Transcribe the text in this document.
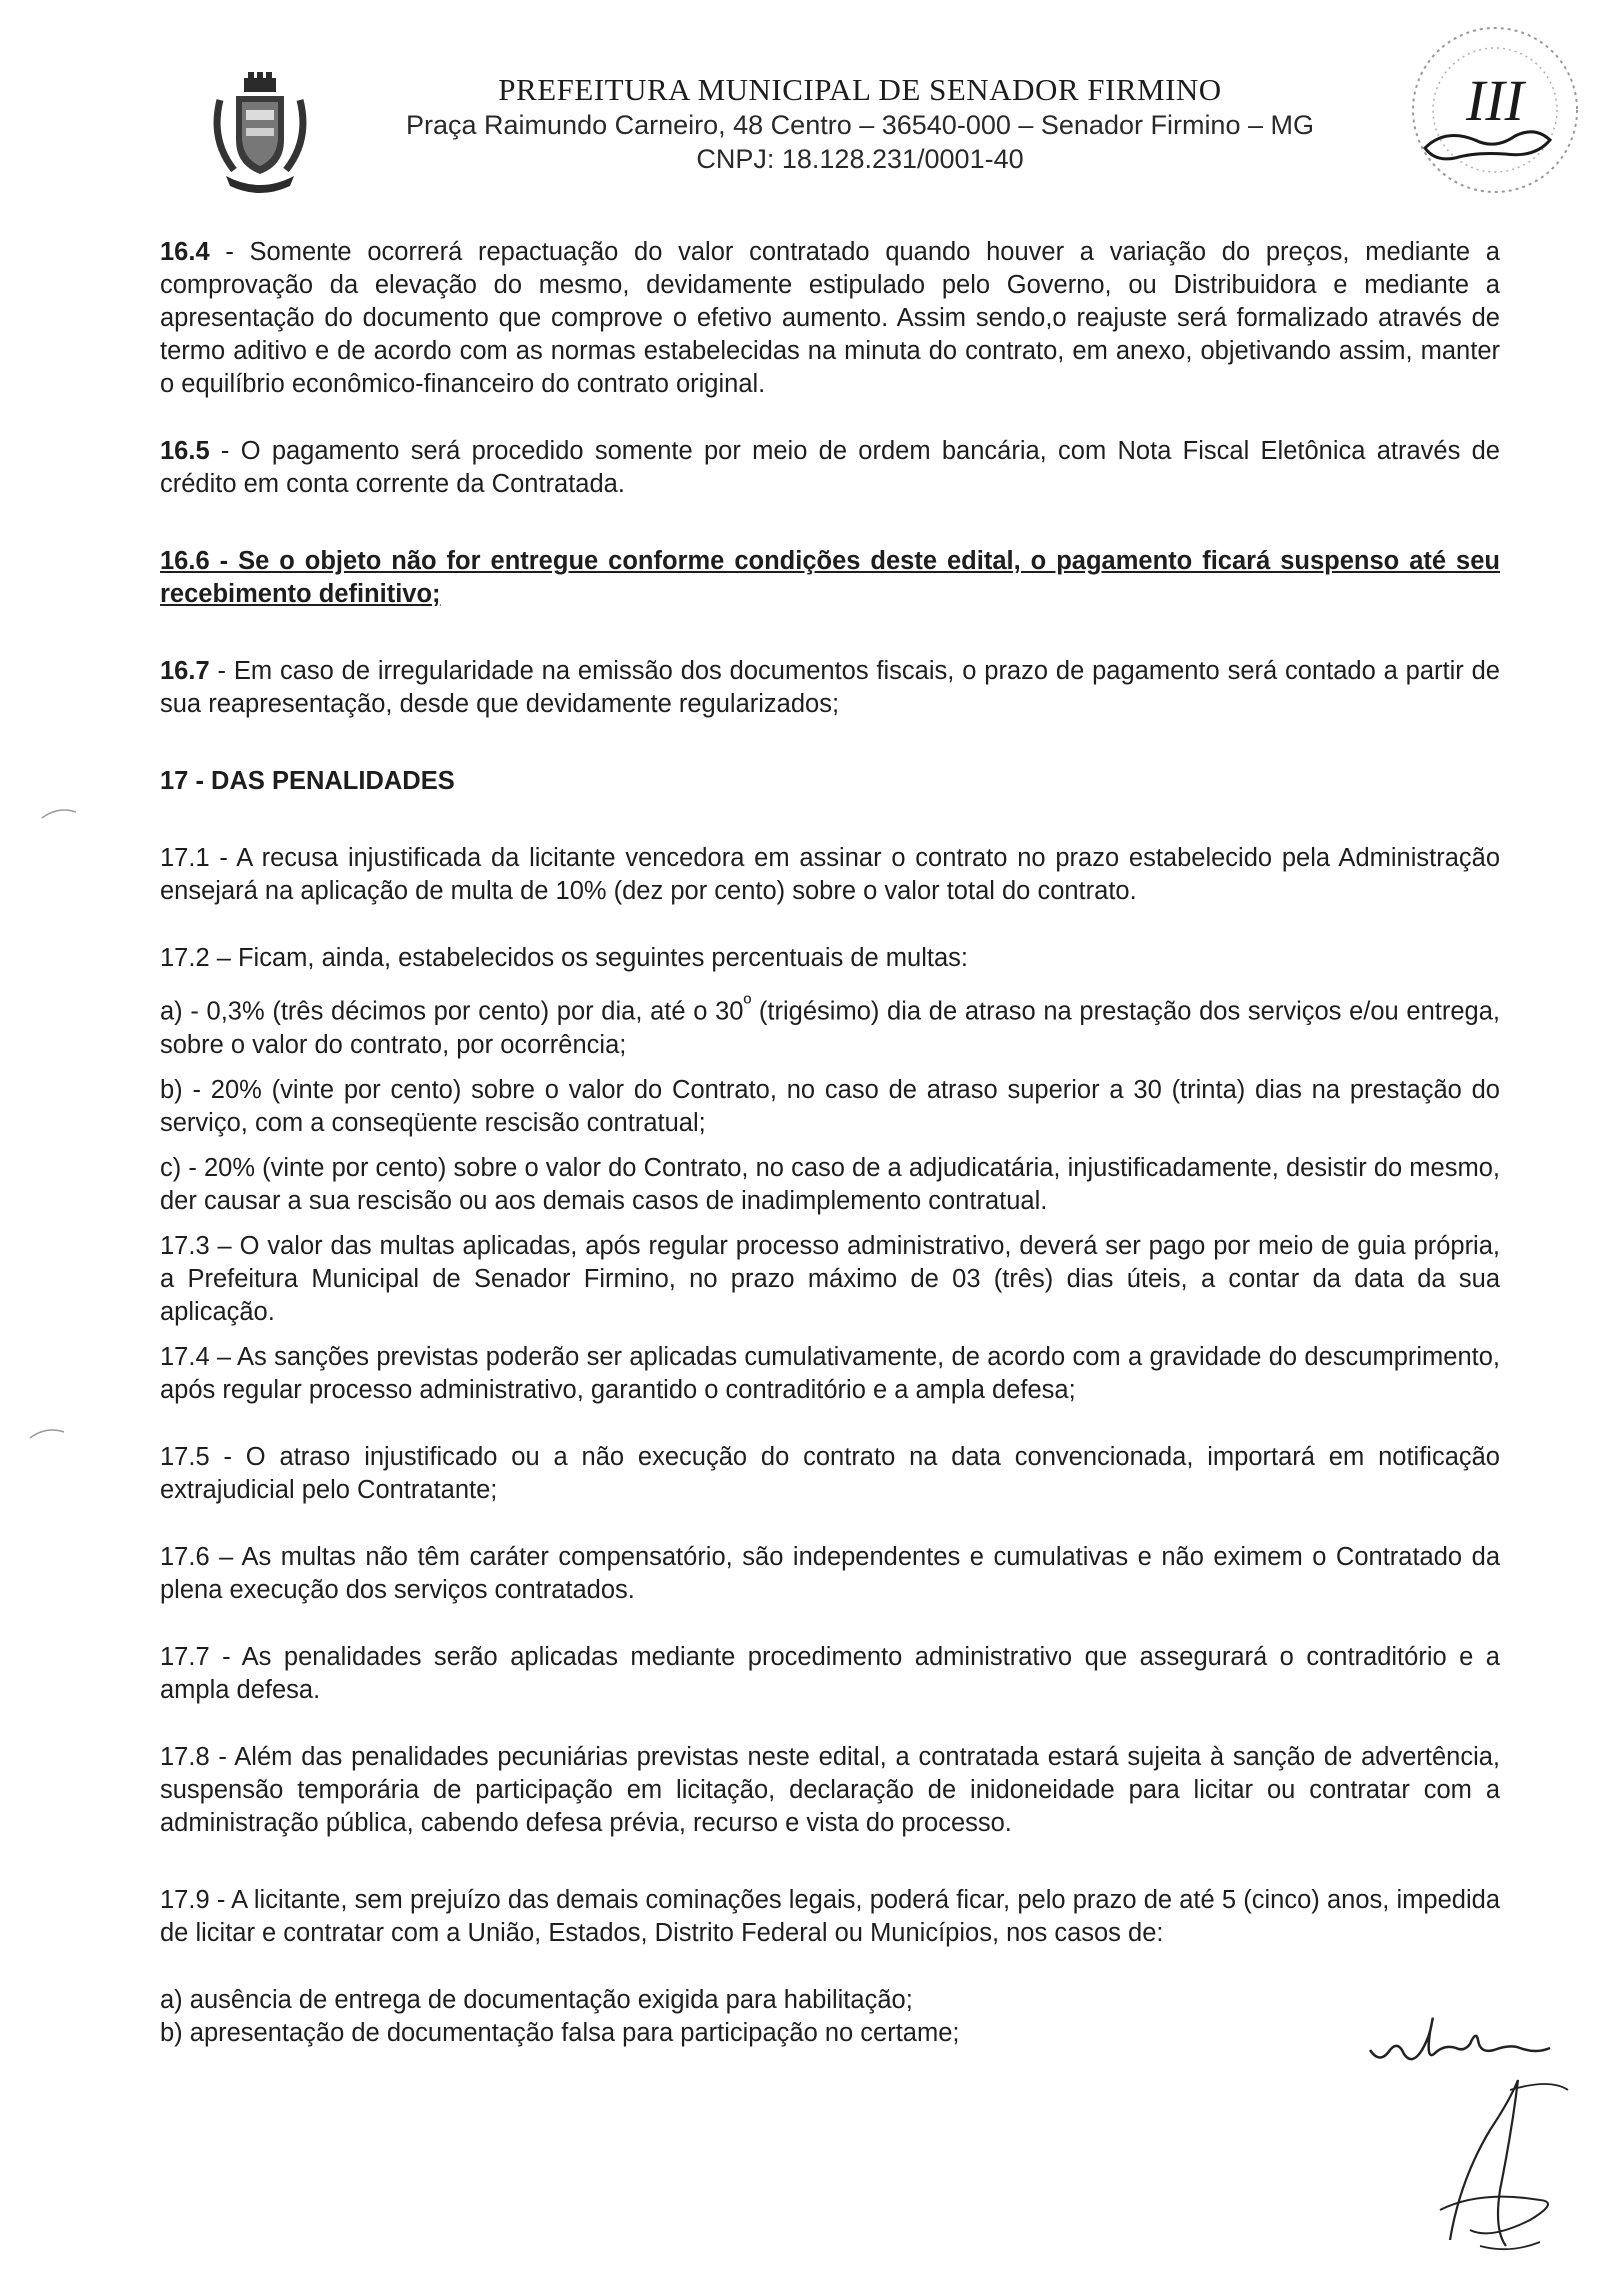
PREFEITURA MUNICIPAL DE SENADOR FIRMINO
Praça Raimundo Carneiro, 48 Centro – 36540-000 – Senador Firmino – MG
CNPJ: 18.128.231/0001-40
III

16.4 - Somente ocorrerá repactuação do valor contratado quando houver a variação do preços, mediante a comprovação da elevação do mesmo, devidamente estipulado pelo Governo, ou Distribuidora e mediante a apresentação do documento que comprove o efetivo aumento. Assim sendo,o reajuste será formalizado através de termo aditivo e de acordo com as normas estabelecidas na minuta do contrato, em anexo, objetivando assim, manter o equilíbrio econômico-financeiro do contrato original.

16.5 - O pagamento será procedido somente por meio de ordem bancária, com Nota Fiscal Eletônica através de crédito em conta corrente da Contratada.

16.6 - Se o objeto não for entregue conforme condições deste edital, o pagamento ficará suspenso até seu recebimento definitivo;

16.7 - Em caso de irregularidade na emissão dos documentos fiscais, o prazo de pagamento será contado a partir de sua reapresentação, desde que devidamente regularizados;

17 - DAS PENALIDADES

17.1 - A recusa injustificada da licitante vencedora em assinar o contrato no prazo estabelecido pela Administração ensejará na aplicação de multa de 10% (dez por cento) sobre o valor total do contrato.

17.2 – Ficam, ainda, estabelecidos os seguintes percentuais de multas:

a) - 0,3% (três décimos por cento) por dia, até o $30^º$ (trigésimo) dia de atraso na prestação dos serviços e/ou entrega, sobre o valor do contrato, por ocorrência;

b) - 20% (vinte por cento) sobre o valor do Contrato, no caso de atraso superior a 30 (trinta) dias na prestação do serviço, com a conseqüente rescisão contratual;

c) - 20% (vinte por cento) sobre o valor do Contrato, no caso de a adjudicatária, injustificadamente, desistir do mesmo, der causar a sua rescisão ou aos demais casos de inadimplemento contratual.

17.3 – O valor das multas aplicadas, após regular processo administrativo, deverá ser pago por meio de guia própria, a Prefeitura Municipal de Senador Firmino, no prazo máximo de 03 (três) dias úteis, a contar da data da sua aplicação.

17.4 – As sanções previstas poderão ser aplicadas cumulativamente, de acordo com a gravidade do descumprimento, após regular processo administrativo, garantido o contraditório e a ampla defesa;

17.5 - O atraso injustificado ou a não execução do contrato na data convencionada, importará em notificação extrajudicial pelo Contratante;

17.6 – As multas não têm caráter compensatório, são independentes e cumulativas e não eximem o Contratado da plena execução dos serviços contratados.

17.7 - As penalidades serão aplicadas mediante procedimento administrativo que assegurará o contraditório e a ampla defesa.

17.8 - Além das penalidades pecuniárias previstas neste edital, a contratada estará sujeita à sanção de advertência, suspensão temporária de participação em licitação, declaração de inidoneidade para licitar ou contratar com a administração pública, cabendo defesa prévia, recurso e vista do processo.

17.9 - A licitante, sem prejuízo das demais cominações legais, poderá ficar, pelo prazo de até 5 (cinco) anos, impedida de licitar e contratar com a União, Estados, Distrito Federal ou Municípios, nos casos de:

a) ausência de entrega de documentação exigida para habilitação;

b) apresentação de documentação falsa para participação no certame;
